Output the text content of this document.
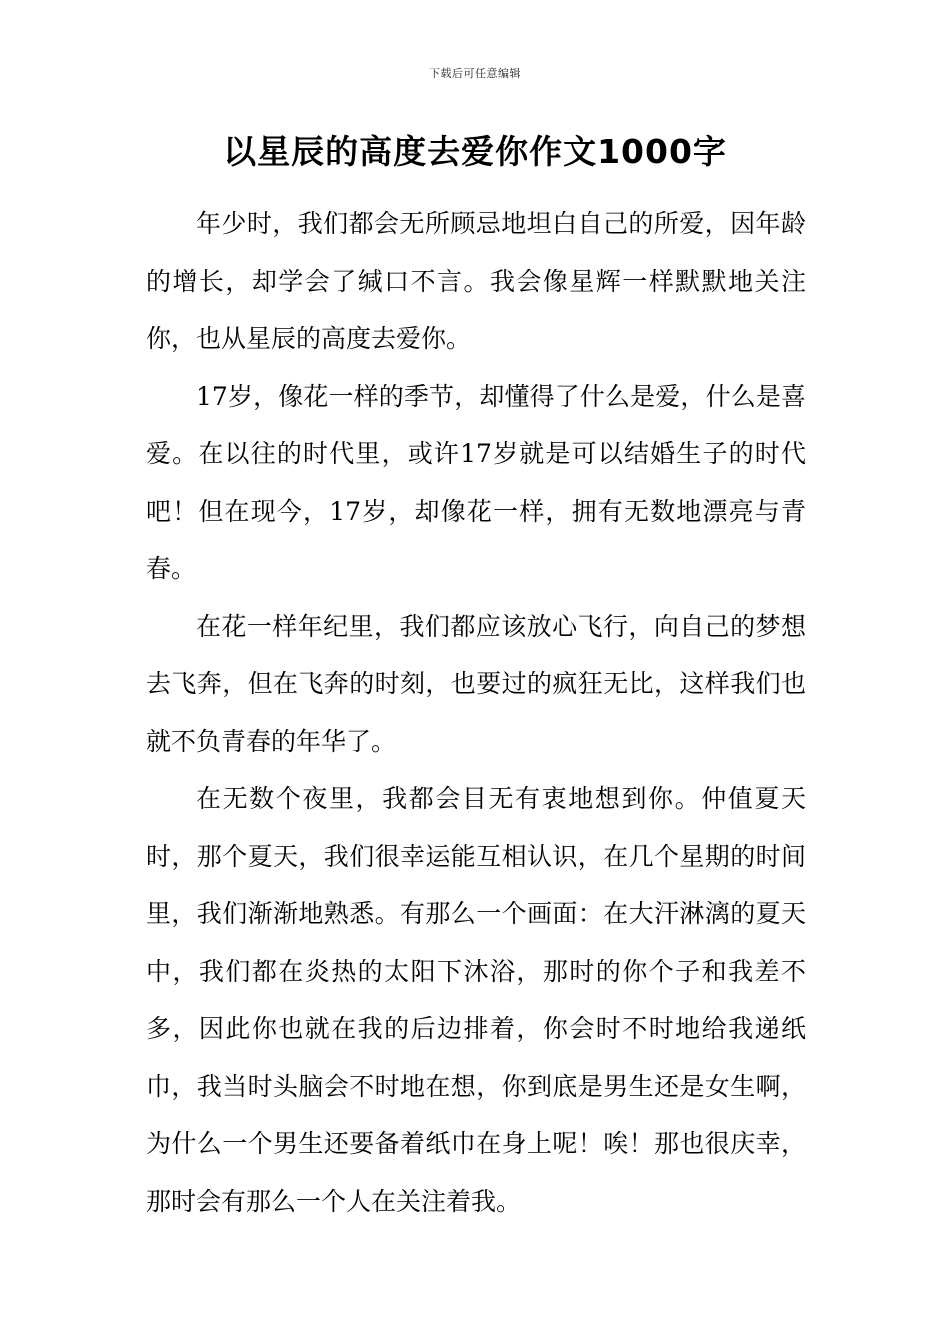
下载后可任意编辑
以星辰的高度去爱你作文1000字

年少时，我们都会无所顾忌地坦白自己的所爱，因年龄的增长，却学会了缄口不言。我会像星辉一样默默地关注你，也从星辰的高度去爱你。

17岁，像花一样的季节，却懂得了什么是爱，什么是喜爱。在以往的时代里，或许17岁就是可以结婚生子的时代吧！但在现今，17岁，却像花一样，拥有无数地漂亮与青春。

在花一样年纪里，我们都应该放心飞行，向自己的梦想去飞奔，但在飞奔的时刻，也要过的疯狂无比，这样我们也就不负青春的年华了。

在无数个夜里，我都会目无有衷地想到你。仲值夏天时，那个夏天，我们很幸运能互相认识，在几个星期的时间里，我们渐渐地熟悉。有那么一个画面：在大汗淋漓的夏天中，我们都在炎热的太阳下沐浴，那时的你个子和我差不多，因此你也就在我的后边排着，你会时不时地给我递纸巾，我当时头脑会不时地在想，你到底是男生还是女生啊，为什么一个男生还要备着纸巾在身上呢！唉！那也很庆幸，那时会有那么一个人在关注着我。
